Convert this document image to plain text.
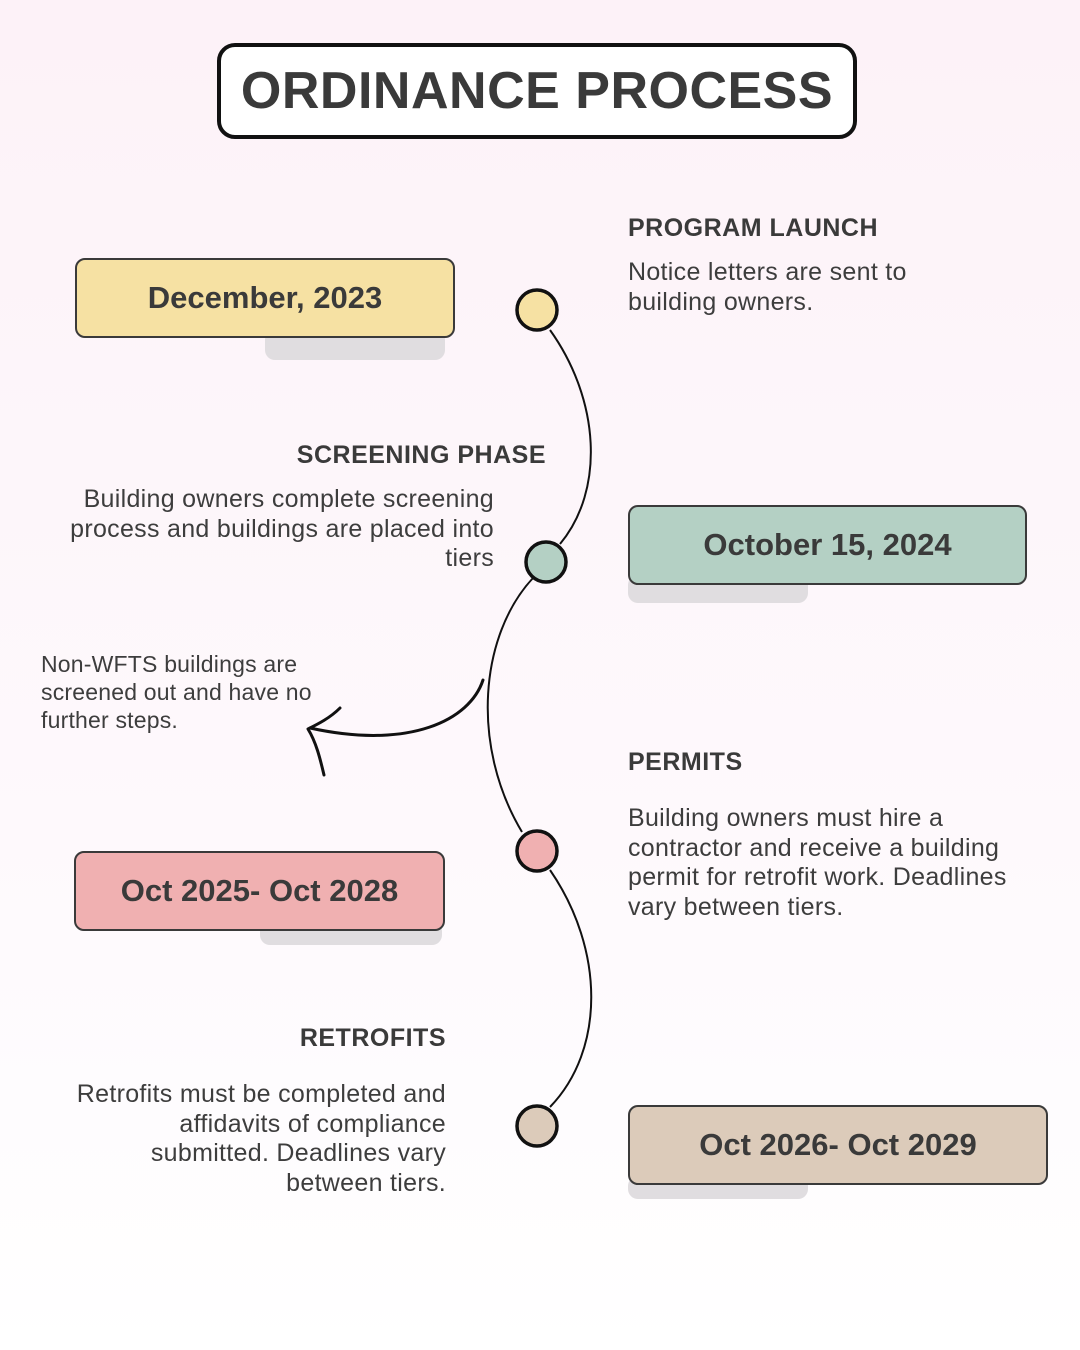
ORDINANCE PROCESS
December, 2023
PROGRAM LAUNCH
Notice letters are sent to building owners.
October 15, 2024
SCREENING PHASE
Building owners complete screening process and buildings are placed into tiers
Non-WFTS buildings are screened out and have no further steps.
Oct 2025- Oct 2028
PERMITS
Building owners must hire a contractor and receive a building permit for retrofit work. Deadlines vary between tiers.
Oct 2026- Oct 2029
RETROFITS
Retrofits must be completed and affidavits of compliance submitted. Deadlines vary between tiers.
